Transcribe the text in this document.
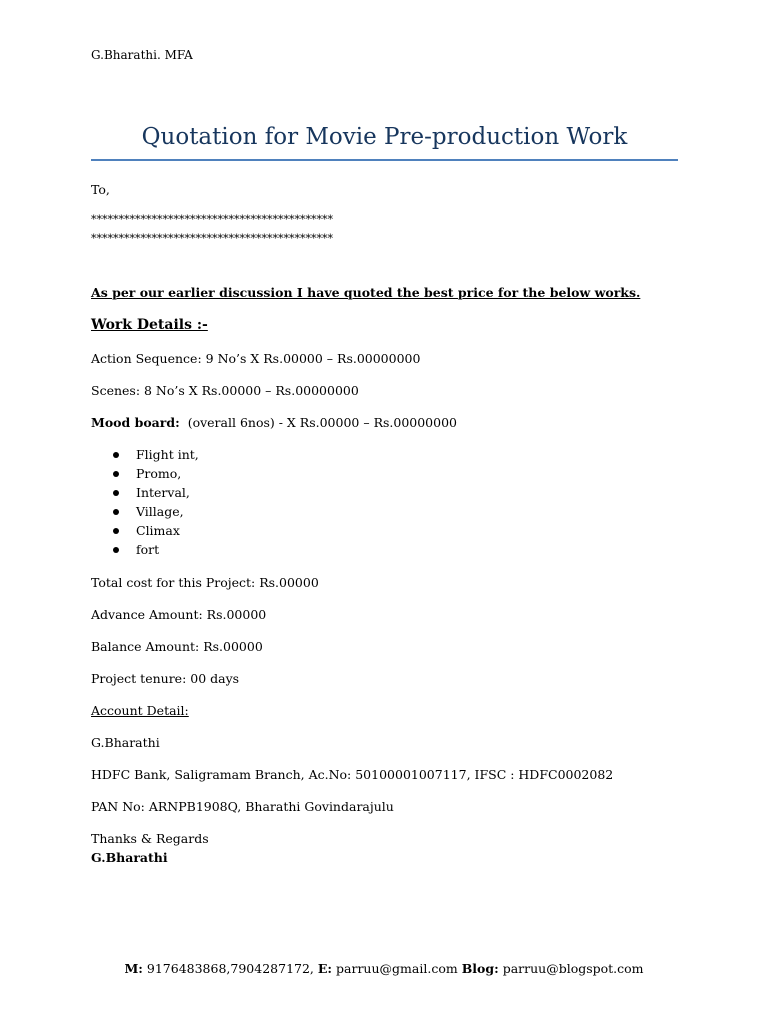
G.Bharathi. MFA
Quotation for Movie Pre-production Work
To,
********************************************
********************************************
As per our earlier discussion I have quoted the best price for the below works.
Work Details :-
Action Sequence: 9 No’s X Rs.00000 – Rs.00000000
Scenes: 8 No’s X Rs.00000 – Rs.00000000
Mood board: (overall 6nos) - X Rs.00000 – Rs.00000000
Flight int,
Promo,
Interval,
Village,
Climax
fort
Total cost for this Project: Rs.00000
Advance Amount: Rs.00000
Balance Amount: Rs.00000
Project tenure: 00 days
Account Detail:
G.Bharathi
HDFC Bank, Saligramam Branch, Ac.No: 50100001007117, IFSC : HDFC0002082
PAN No: ARNPB1908Q, Bharathi Govindarajulu
Thanks & Regards
G.Bharathi
M: 9176483868,7904287172, E: parruu@gmail.com Blog: parruu@blogspot.com
